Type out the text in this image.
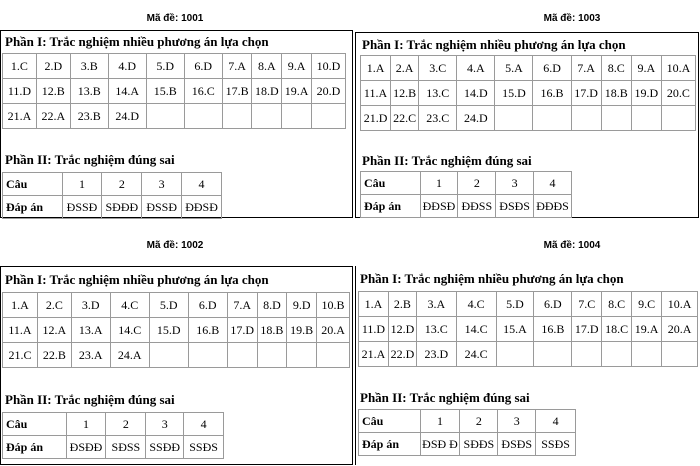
Mã đề: 1001
Phần I: Trắc nghiệm nhiều phương án lựa chọn
1.C	2.D	3.B	4.D	5.D	6.D	7.A	8.A	9.A	10.D
11.D	12.B	13.B	14.A	15.B	16.C	17.B	18.D	19.A	20.D
21.A	22.A	23.B	24.D						
Phần II: Trắc nghiệm đúng sai
Câu	1	2	3	4
Đáp án	ĐSSĐ	SĐĐĐ	ĐSSĐ	ĐĐSĐ
Mã đề: 1003
Phần I: Trắc nghiệm nhiều phương án lựa chọn
1.A	2.A	3.C	4.A	5.A	6.D	7.A	8.C	9.A	10.A
11.A	12.B	13.C	14.D	15.D	16.B	17.D	18.B	19.D	20.C
21.D	22.C	23.C	24.D						
Phần II: Trắc nghiệm đúng sai
Câu	1	2	3	4
Đáp án	ĐĐSĐ	ĐĐSS	ĐSĐS	ĐĐĐS
Mã đề: 1002
Phần I: Trắc nghiệm nhiều phương án lựa chọn
1.A	2.C	3.D	4.C	5.D	6.D	7.A	8.D	9.D	10.B
11.A	12.A	13.A	14.C	15.D	16.B	17.D	18.B	19.B	20.A
21.C	22.B	23.A	24.A						
Phần II: Trắc nghiệm đúng sai
Câu	1	2	3	4
Đáp án	ĐSĐĐ	SĐSS	SSĐĐ	SSĐS
Mã đề: 1004
Phần I: Trắc nghiệm nhiều phương án lựa chọn
1.A	2.B	3.A	4.C	5.D	6.D	7.C	8.C	9.C	10.A
11.D	12.D	13.C	14.C	15.A	16.B	17.D	18.C	19.A	20.A
21.A	22.D	23.D	24.C						
Phần II: Trắc nghiệm đúng sai
Câu	1	2	3	4
Đáp án	ĐSĐ Đ	SĐĐS	ĐSĐS	SSĐS
